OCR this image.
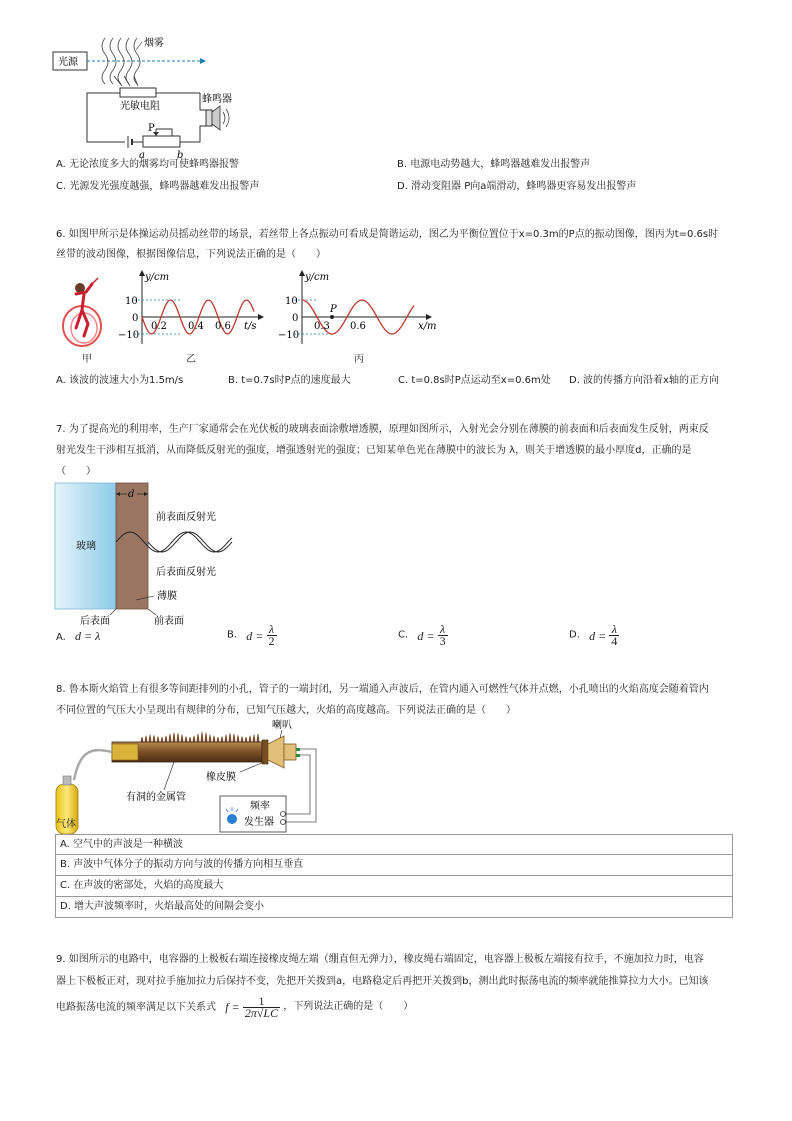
光源
烟雾
光敏电阻
P
a	b
蜂鸣器
A. 无论浓度多大的烟雾均可使蜂鸣器报警	B. 电源电动势越大，蜂鸣器越难发出报警声
C. 光源发光强度越强，蜂鸣器越难发出报警声	D. 滑动变阻器 P向a端滑动，蜂鸣器更容易发出报警声
6. 如图甲所示是体操运动员摇动丝带的场景，若丝带上各点振动可看成是简谐运动，图乙为平衡位置位于x=0.3m的P点的振动图像，图丙为t=0.6s时
丝带的波动图像，根据图像信息，下列说法正确的是（　　）
甲
y/cm
t/s
10
0
−10
0.2 0.4 0.6
乙
P
y/cm
x/m
10
0
−10
0.3 0.6
丙
A. 该波的波速大小为1.5m/s	B. t=0.7s时P点的速度最大	C. t=0.8s时P点运动至x=0.6m处 D. 波的传播方向沿着x轴的正方向
7. 为了提高光的利用率，生产厂家通常会在光伏板的玻璃表面涂敷增透膜，原理如图所示，入射光会分别在薄膜的前表面和后表面发生反射，两束反
射光发生干涉相互抵消，从而降低反射光的强度，增强透射光的强度；已知某单色光在薄膜中的波长为 λ，则关于增透膜的最小厚度d，正确的是
（　　）
玻璃
d
前表面反射光
后表面反射光
薄膜
后表面	前表面
A. d = λ	B. $d = \frac{\lambda}{2}$	C. $d = \frac{\lambda}{3}$	D. $d = \frac{\lambda}{4}$
8. 鲁本斯火焰管上有很多等间距排列的小孔，管子的一端封闭，另一端通入声波后，在管内通入可燃性气体并点燃，小孔喷出的火焰高度会随着管内
不同位置的气压大小呈现出有规律的分布，已知气压越大，火焰的高度越高。下列说法正确的是（　　）
喇叭
橡皮膜
有洞的金属管
频率
发生器
气体
A. 空气中的声波是一种横波
B. 声波中气体分子的振动方向与波的传播方向相互垂直
C. 在声波的密部处，火焰的高度最大
D. 增大声波频率时，火焰最高处的间隔会变小
9. 如图所示的电路中，电容器的上极板右端连接橡皮绳左端（绷直但无弹力），橡皮绳右端固定，电容器上极板左端接有拉手，不施加拉力时，电容
器上下极板正对，现对拉手施加拉力后保持不变，先把开关拨到a，电路稳定后再把开关拨到b，测出此时振荡电流的频率就能推算拉力大小。已知该
电路振荡电流的频率满足以下关系式 $f = \frac{1}{2\pi√LC}$ ，下列说法正确的是（　　）
